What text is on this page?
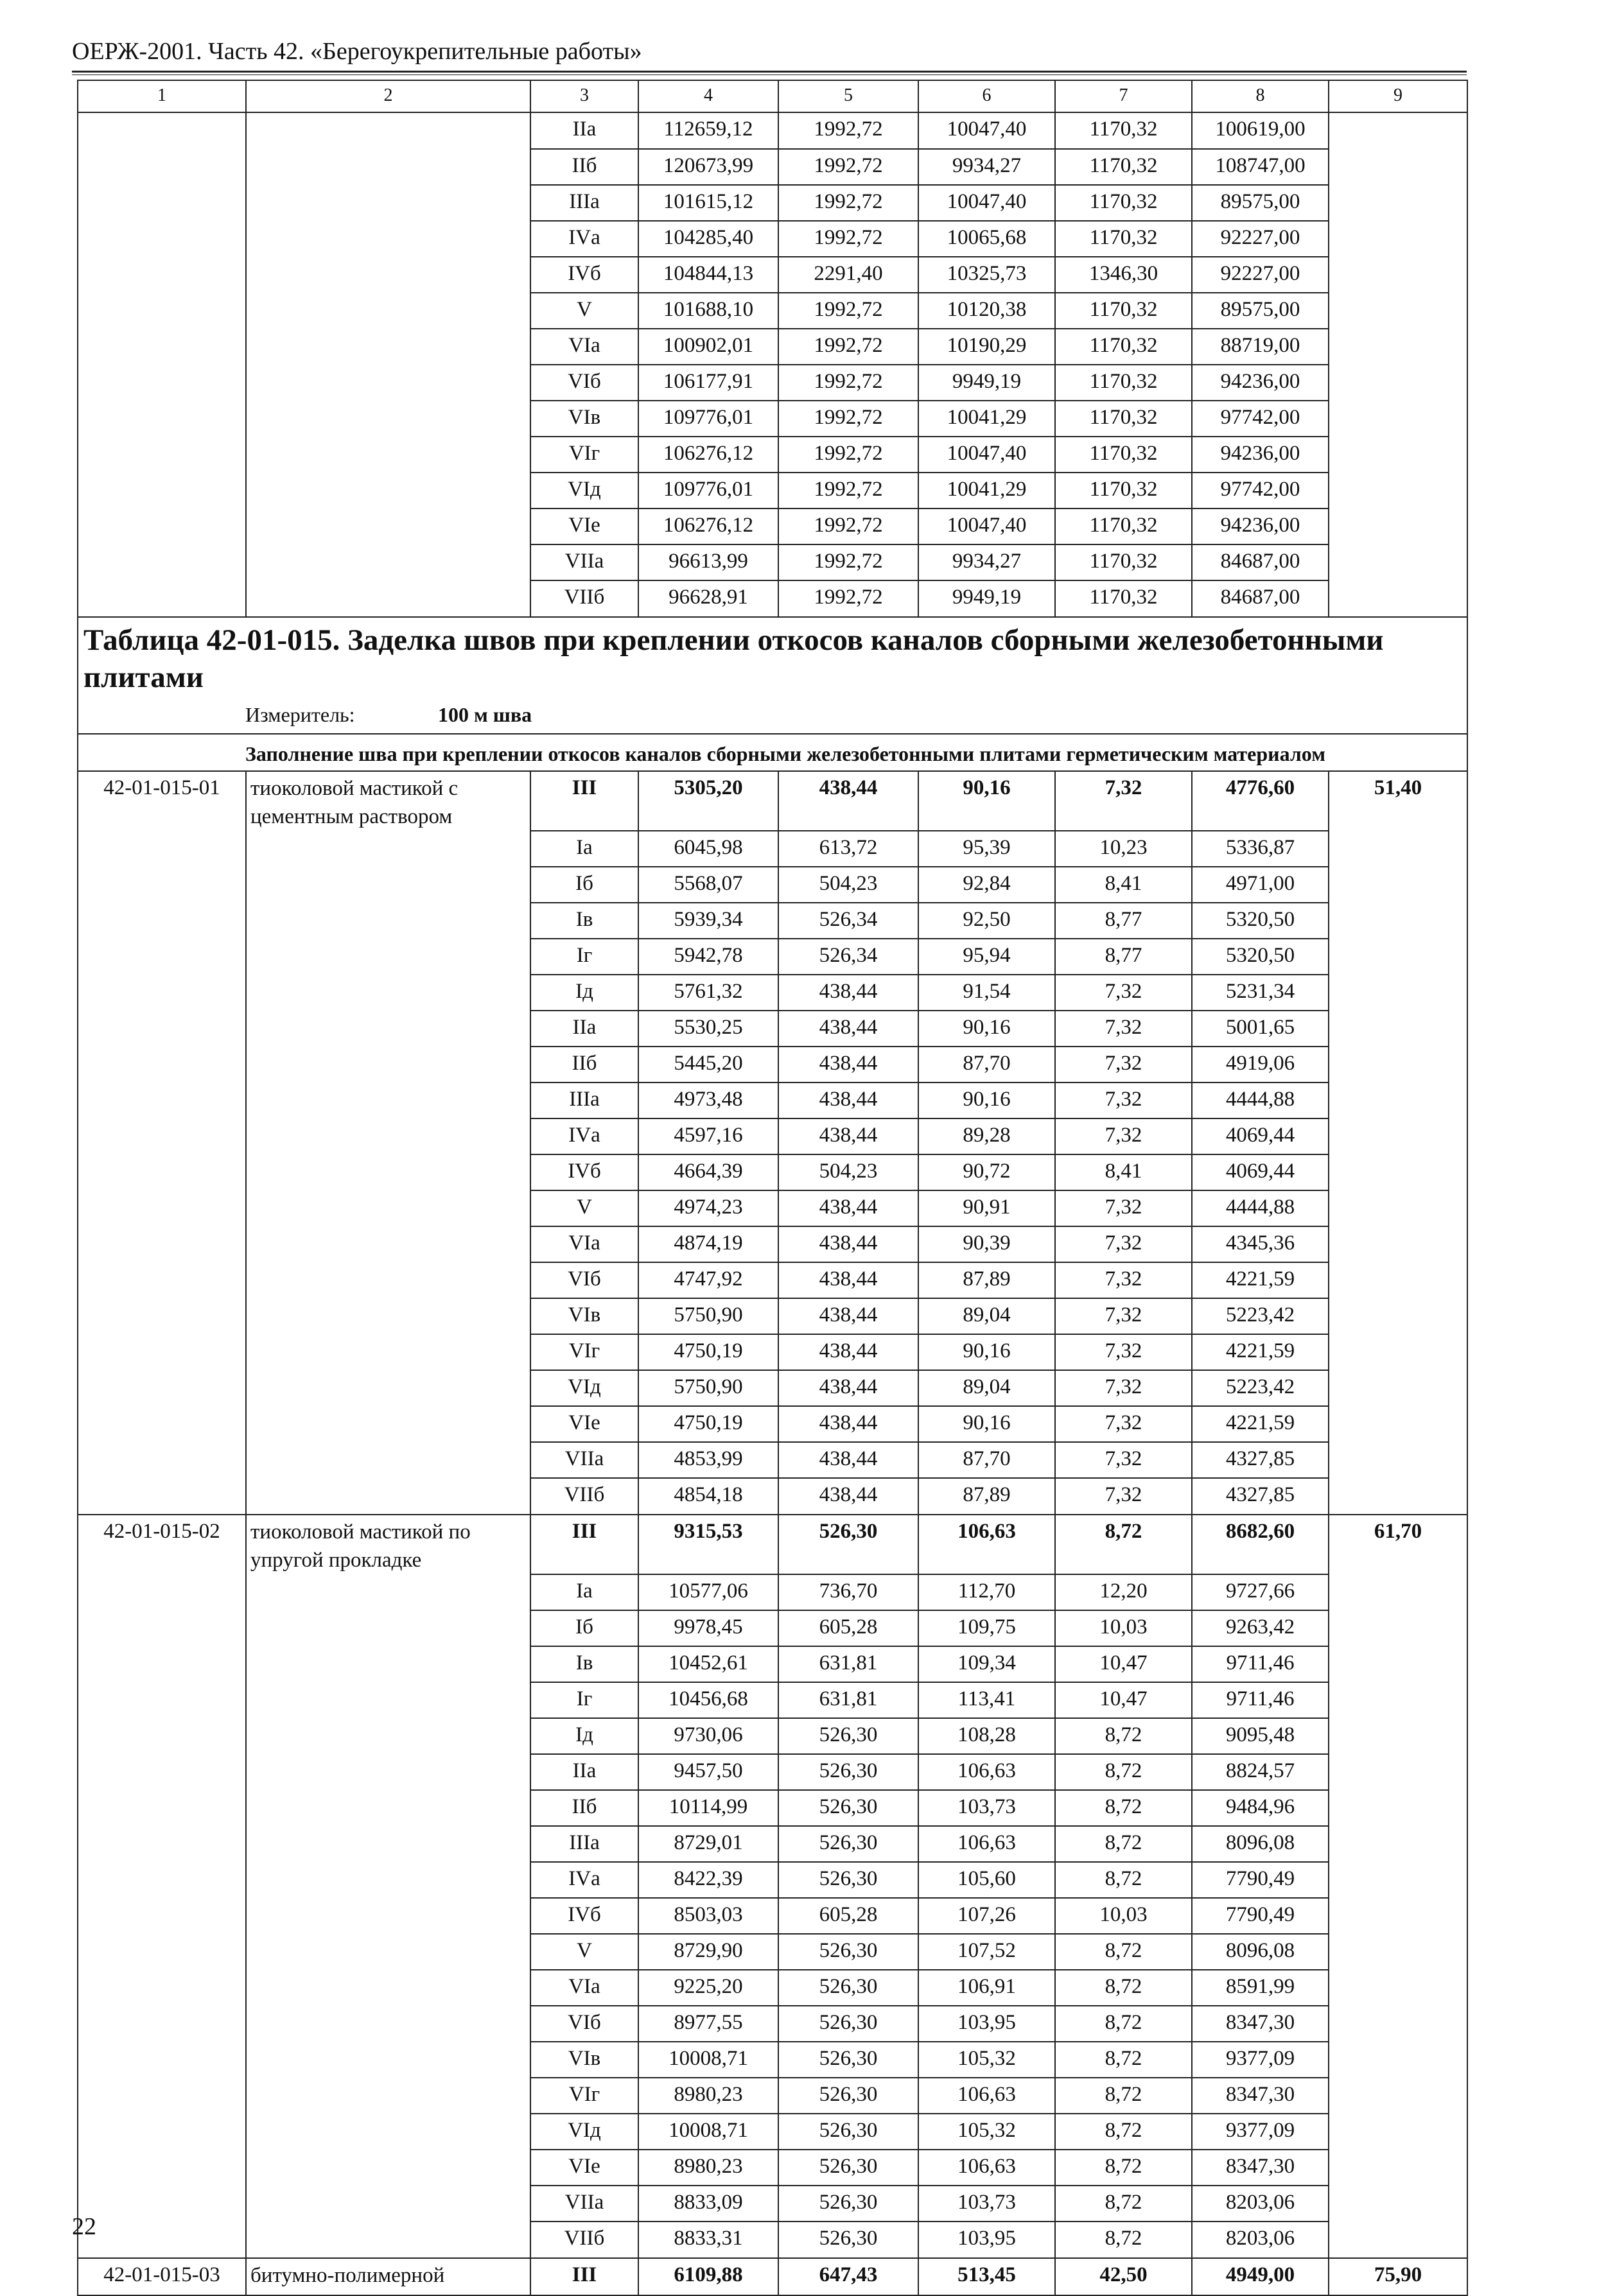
ОЕРЖ-2001. Часть 42. «Берегоукрепительные работы»
1	2	3	4	5	6	7	8	9
		IIа	112659,12	1992,72	10047,40	1170,32	100619,00	
		IIб	120673,99	1992,72	9934,27	1170,32	108747,00	
		IIIа	101615,12	1992,72	10047,40	1170,32	89575,00	
		IVа	104285,40	1992,72	10065,68	1170,32	92227,00	
		IVб	104844,13	2291,40	10325,73	1346,30	92227,00	
		V	101688,10	1992,72	10120,38	1170,32	89575,00	
		VIа	100902,01	1992,72	10190,29	1170,32	88719,00	
		VIб	106177,91	1992,72	9949,19	1170,32	94236,00	
		VIв	109776,01	1992,72	10041,29	1170,32	97742,00	
		VIг	106276,12	1992,72	10047,40	1170,32	94236,00	
		VIд	109776,01	1992,72	10041,29	1170,32	97742,00	
		VIе	106276,12	1992,72	10047,40	1170,32	94236,00	
		VIIа	96613,99	1992,72	9934,27	1170,32	84687,00	
		VIIб	96628,91	1992,72	9949,19	1170,32	84687,00	
Таблица 42-01-015. Заделка швов при креплении откосов каналов сборными железобетонными плитами								
Измеритель: 100 м шва								
Заполнение шва при креплении откосов каналов сборными железобетонными плитами герметическим материалом								
42-01-015-01	тиоколовой мастикой с цементным раствором	III	5305,20	438,44	90,16	7,32	4776,60	51,40
		Iа	6045,98	613,72	95,39	10,23	5336,87	
		Iб	5568,07	504,23	92,84	8,41	4971,00	
		Iв	5939,34	526,34	92,50	8,77	5320,50	
		Iг	5942,78	526,34	95,94	8,77	5320,50	
		Iд	5761,32	438,44	91,54	7,32	5231,34	
		IIа	5530,25	438,44	90,16	7,32	5001,65	
		IIб	5445,20	438,44	87,70	7,32	4919,06	
		IIIа	4973,48	438,44	90,16	7,32	4444,88	
		IVа	4597,16	438,44	89,28	7,32	4069,44	
		IVб	4664,39	504,23	90,72	8,41	4069,44	
		V	4974,23	438,44	90,91	7,32	4444,88	
		VIа	4874,19	438,44	90,39	7,32	4345,36	
		VIб	4747,92	438,44	87,89	7,32	4221,59	
		VIв	5750,90	438,44	89,04	7,32	5223,42	
		VIг	4750,19	438,44	90,16	7,32	4221,59	
		VIд	5750,90	438,44	89,04	7,32	5223,42	
		VIе	4750,19	438,44	90,16	7,32	4221,59	
		VIIа	4853,99	438,44	87,70	7,32	4327,85	
		VIIб	4854,18	438,44	87,89	7,32	4327,85	
42-01-015-02	тиоколовой мастикой по упругой прокладке	III	9315,53	526,30	106,63	8,72	8682,60	61,70
		Iа	10577,06	736,70	112,70	12,20	9727,66	
		Iб	9978,45	605,28	109,75	10,03	9263,42	
		Iв	10452,61	631,81	109,34	10,47	9711,46	
		Iг	10456,68	631,81	113,41	10,47	9711,46	
		Iд	9730,06	526,30	108,28	8,72	9095,48	
		IIа	9457,50	526,30	106,63	8,72	8824,57	
		IIб	10114,99	526,30	103,73	8,72	9484,96	
		IIIа	8729,01	526,30	106,63	8,72	8096,08	
		IVа	8422,39	526,30	105,60	8,72	7790,49	
		IVб	8503,03	605,28	107,26	10,03	7790,49	
		V	8729,90	526,30	107,52	8,72	8096,08	
		VIа	9225,20	526,30	106,91	8,72	8591,99	
		VIб	8977,55	526,30	103,95	8,72	8347,30	
		VIв	10008,71	526,30	105,32	8,72	9377,09	
		VIг	8980,23	526,30	106,63	8,72	8347,30	
		VIд	10008,71	526,30	105,32	8,72	9377,09	
		VIе	8980,23	526,30	106,63	8,72	8347,30	
		VIIа	8833,09	526,30	103,73	8,72	8203,06	
		VIIб	8833,31	526,30	103,95	8,72	8203,06	
42-01-015-03	битумно-полимерной	III	6109,88	647,43	513,45	42,50	4949,00	75,90
22
